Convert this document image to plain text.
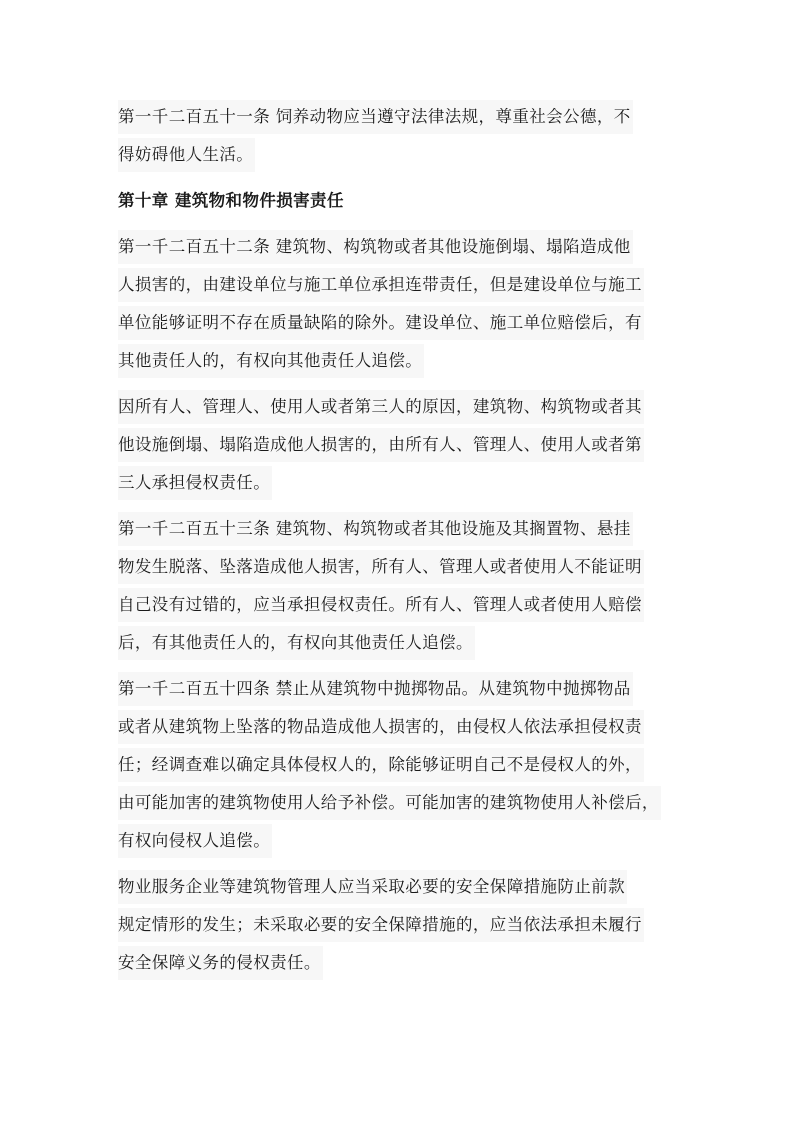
第一千二百五十一条 饲养动物应当遵守法律法规，尊重社会公德，不
得妨碍他人生活。
第十章 建筑物和物件损害责任
第一千二百五十二条 建筑物、构筑物或者其他设施倒塌、塌陷造成他
人损害的，由建设单位与施工单位承担连带责任，但是建设单位与施工
单位能够证明不存在质量缺陷的除外。建设单位、施工单位赔偿后，有
其他责任人的，有权向其他责任人追偿。
因所有人、管理人、使用人或者第三人的原因，建筑物、构筑物或者其
他设施倒塌、塌陷造成他人损害的，由所有人、管理人、使用人或者第
三人承担侵权责任。
第一千二百五十三条 建筑物、构筑物或者其他设施及其搁置物、悬挂
物发生脱落、坠落造成他人损害，所有人、管理人或者使用人不能证明
自己没有过错的，应当承担侵权责任。所有人、管理人或者使用人赔偿
后，有其他责任人的，有权向其他责任人追偿。
第一千二百五十四条 禁止从建筑物中抛掷物品。从建筑物中抛掷物品
或者从建筑物上坠落的物品造成他人损害的，由侵权人依法承担侵权责
任；经调查难以确定具体侵权人的，除能够证明自己不是侵权人的外，
由可能加害的建筑物使用人给予补偿。可能加害的建筑物使用人补偿后，
有权向侵权人追偿。
物业服务企业等建筑物管理人应当采取必要的安全保障措施防止前款
规定情形的发生；未采取必要的安全保障措施的，应当依法承担未履行
安全保障义务的侵权责任。
